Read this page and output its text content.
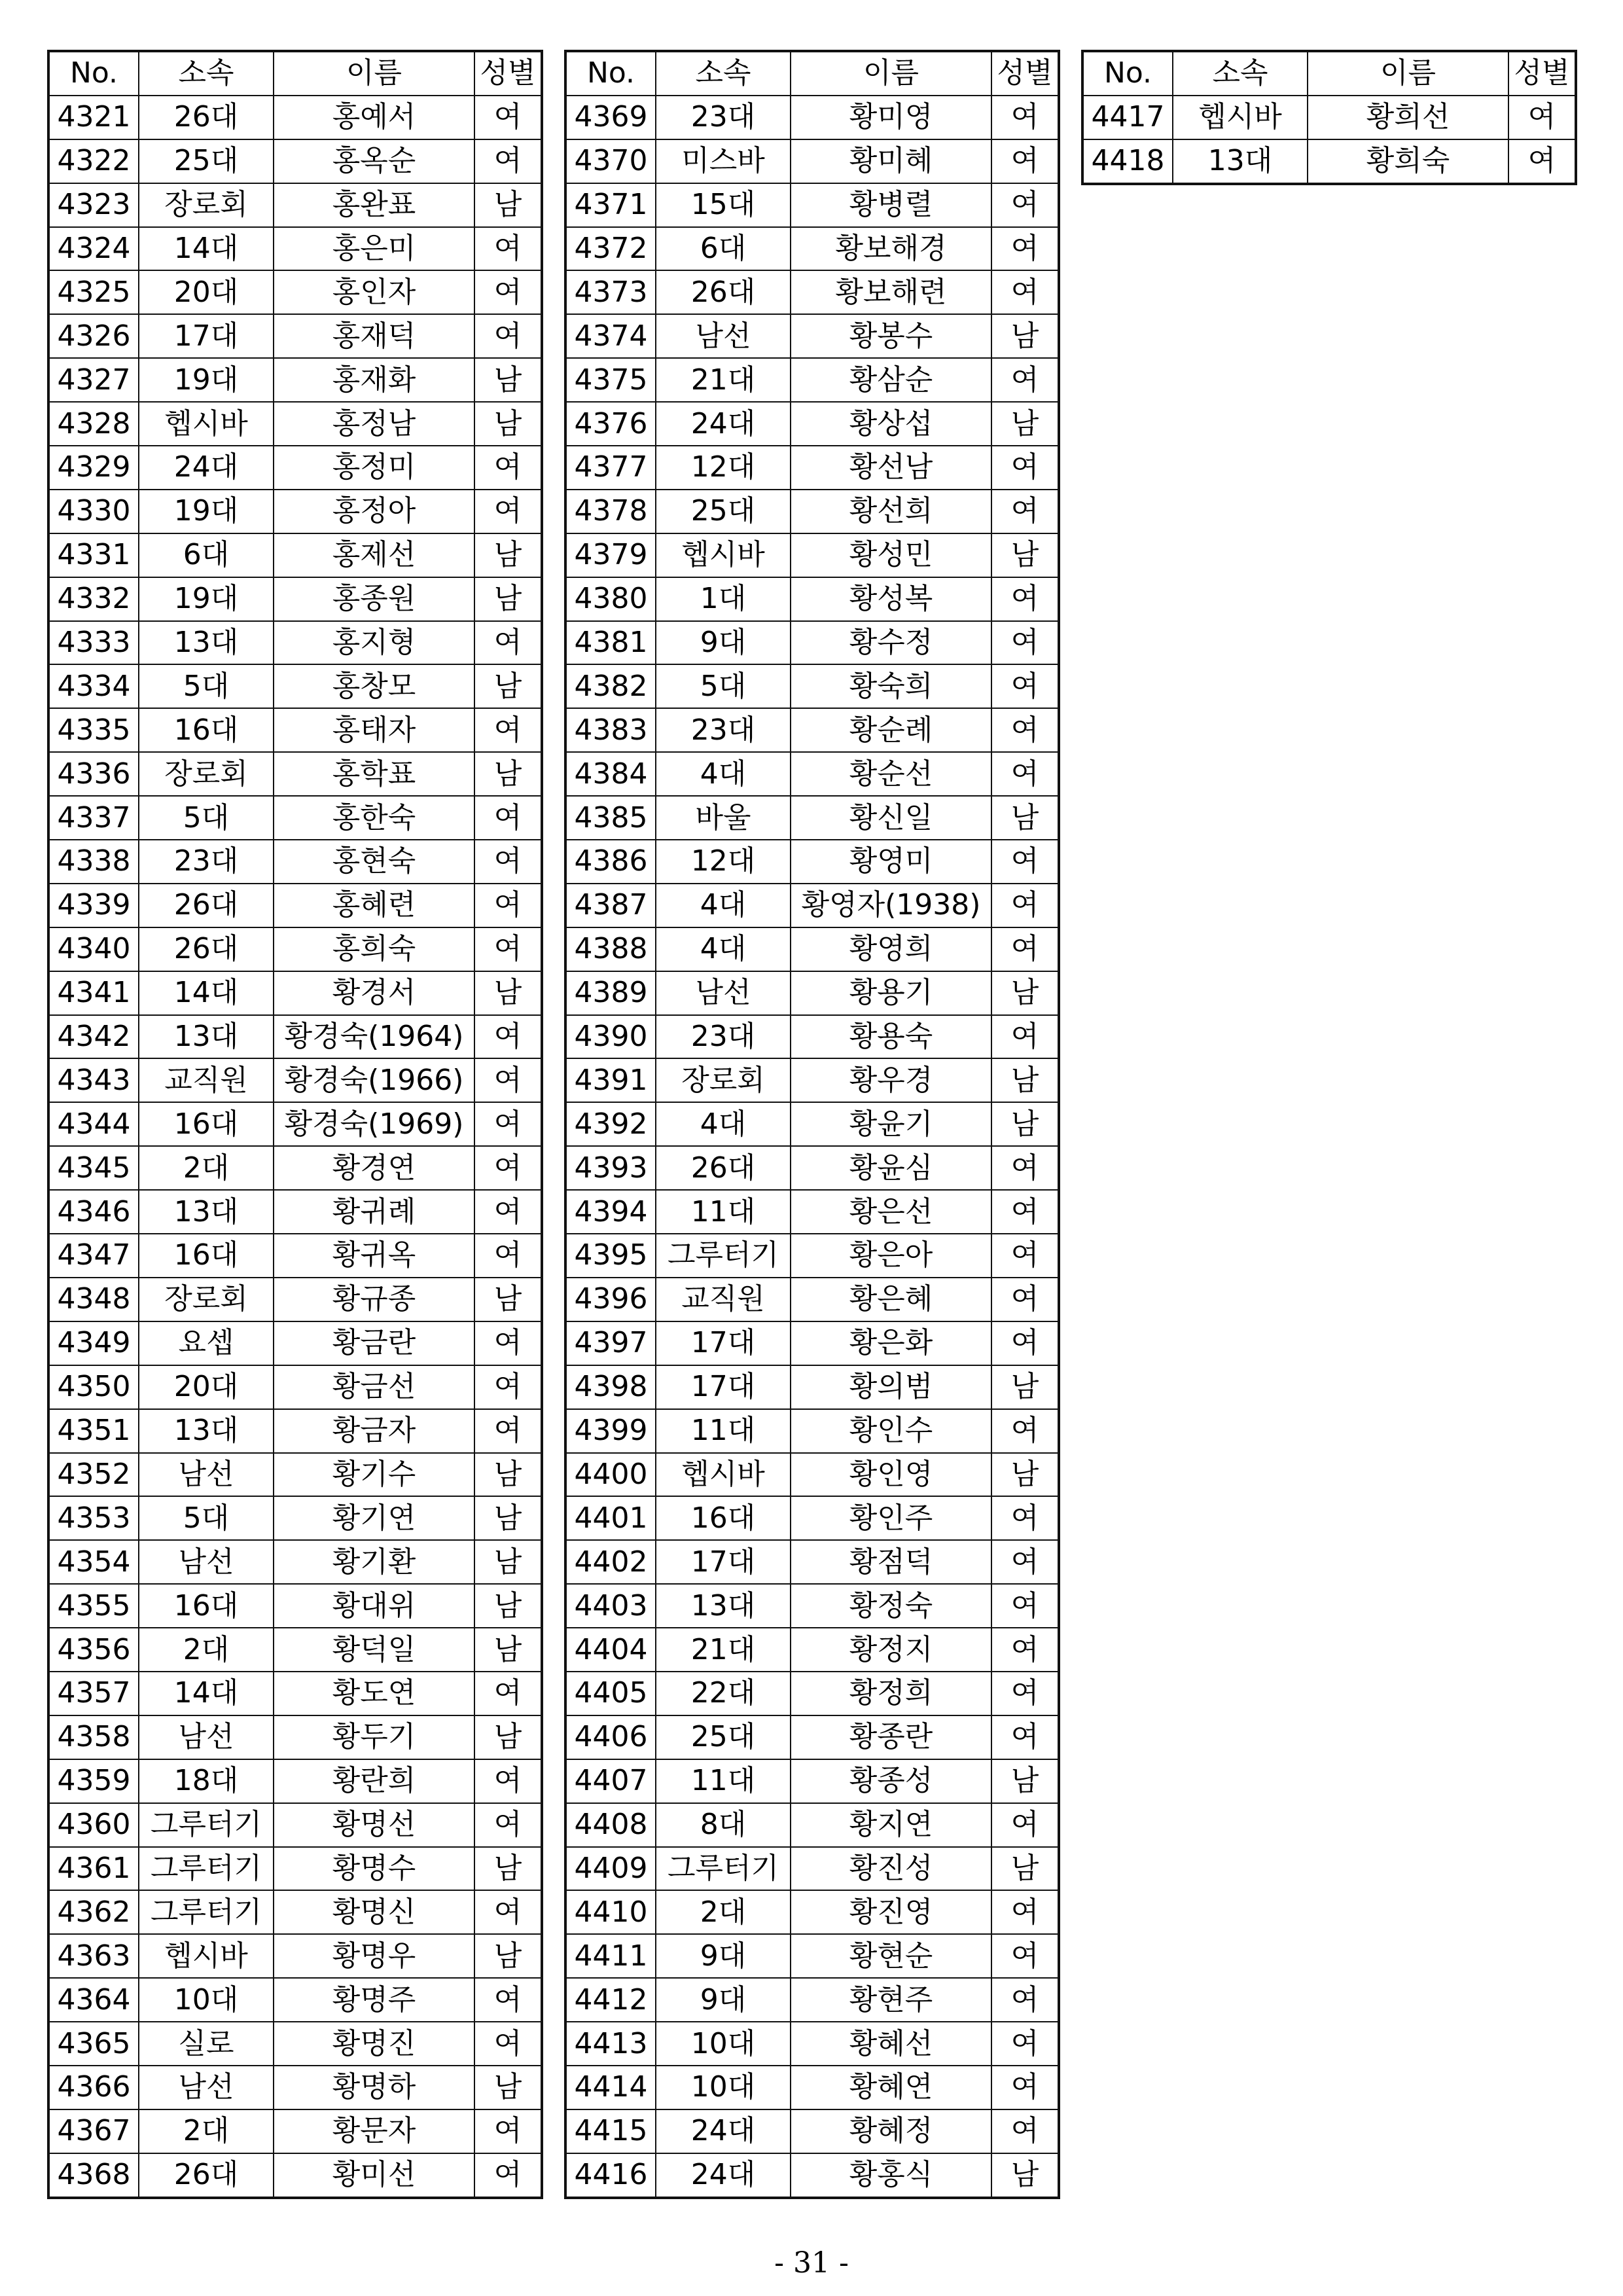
No.	소속	이름	성별
4321	26대	홍예서	여
4322	25대	홍옥순	여
4323	장로회	홍완표	남
4324	14대	홍은미	여
4325	20대	홍인자	여
4326	17대	홍재덕	여
4327	19대	홍재화	남
4328	헵시바	홍정남	남
4329	24대	홍정미	여
4330	19대	홍정아	여
4331	6대	홍제선	남
4332	19대	홍종원	남
4333	13대	홍지형	여
4334	5대	홍창모	남
4335	16대	홍태자	여
4336	장로회	홍학표	남
4337	5대	홍한숙	여
4338	23대	홍현숙	여
4339	26대	홍혜련	여
4340	26대	홍희숙	여
4341	14대	황경서	남
4342	13대	황경숙(1964)	여
4343	교직원	황경숙(1966)	여
4344	16대	황경숙(1969)	여
4345	2대	황경연	여
4346	13대	황귀례	여
4347	16대	황귀옥	여
4348	장로회	황규종	남
4349	요셉	황금란	여
4350	20대	황금선	여
4351	13대	황금자	여
4352	남선	황기수	남
4353	5대	황기연	남
4354	남선	황기환	남
4355	16대	황대위	남
4356	2대	황덕일	남
4357	14대	황도연	여
4358	남선	황두기	남
4359	18대	황란희	여
4360	그루터기	황명선	여
4361	그루터기	황명수	남
4362	그루터기	황명신	여
4363	헵시바	황명우	남
4364	10대	황명주	여
4365	실로	황명진	여
4366	남선	황명하	남
4367	2대	황문자	여
4368	26대	황미선	여
No.	소속	이름	성별
4369	23대	황미영	여
4370	미스바	황미혜	여
4371	15대	황병렬	여
4372	6대	황보해경	여
4373	26대	황보해련	여
4374	남선	황봉수	남
4375	21대	황삼순	여
4376	24대	황상섭	남
4377	12대	황선남	여
4378	25대	황선희	여
4379	헵시바	황성민	남
4380	1대	황성복	여
4381	9대	황수정	여
4382	5대	황숙희	여
4383	23대	황순례	여
4384	4대	황순선	여
4385	바울	황신일	남
4386	12대	황영미	여
4387	4대	황영자(1938)	여
4388	4대	황영희	여
4389	남선	황용기	남
4390	23대	황용숙	여
4391	장로회	황우경	남
4392	4대	황윤기	남
4393	26대	황윤심	여
4394	11대	황은선	여
4395	그루터기	황은아	여
4396	교직원	황은혜	여
4397	17대	황은화	여
4398	17대	황의범	남
4399	11대	황인수	여
4400	헵시바	황인영	남
4401	16대	황인주	여
4402	17대	황점덕	여
4403	13대	황정숙	여
4404	21대	황정지	여
4405	22대	황정희	여
4406	25대	황종란	여
4407	11대	황종성	남
4408	8대	황지연	여
4409	그루터기	황진성	남
4410	2대	황진영	여
4411	9대	황현순	여
4412	9대	황현주	여
4413	10대	황혜선	여
4414	10대	황혜연	여
4415	24대	황혜정	여
4416	24대	황홍식	남
No.	소속	이름	성별
4417	헵시바	황희선	여
4418	13대	황희숙	여
- 31 -
